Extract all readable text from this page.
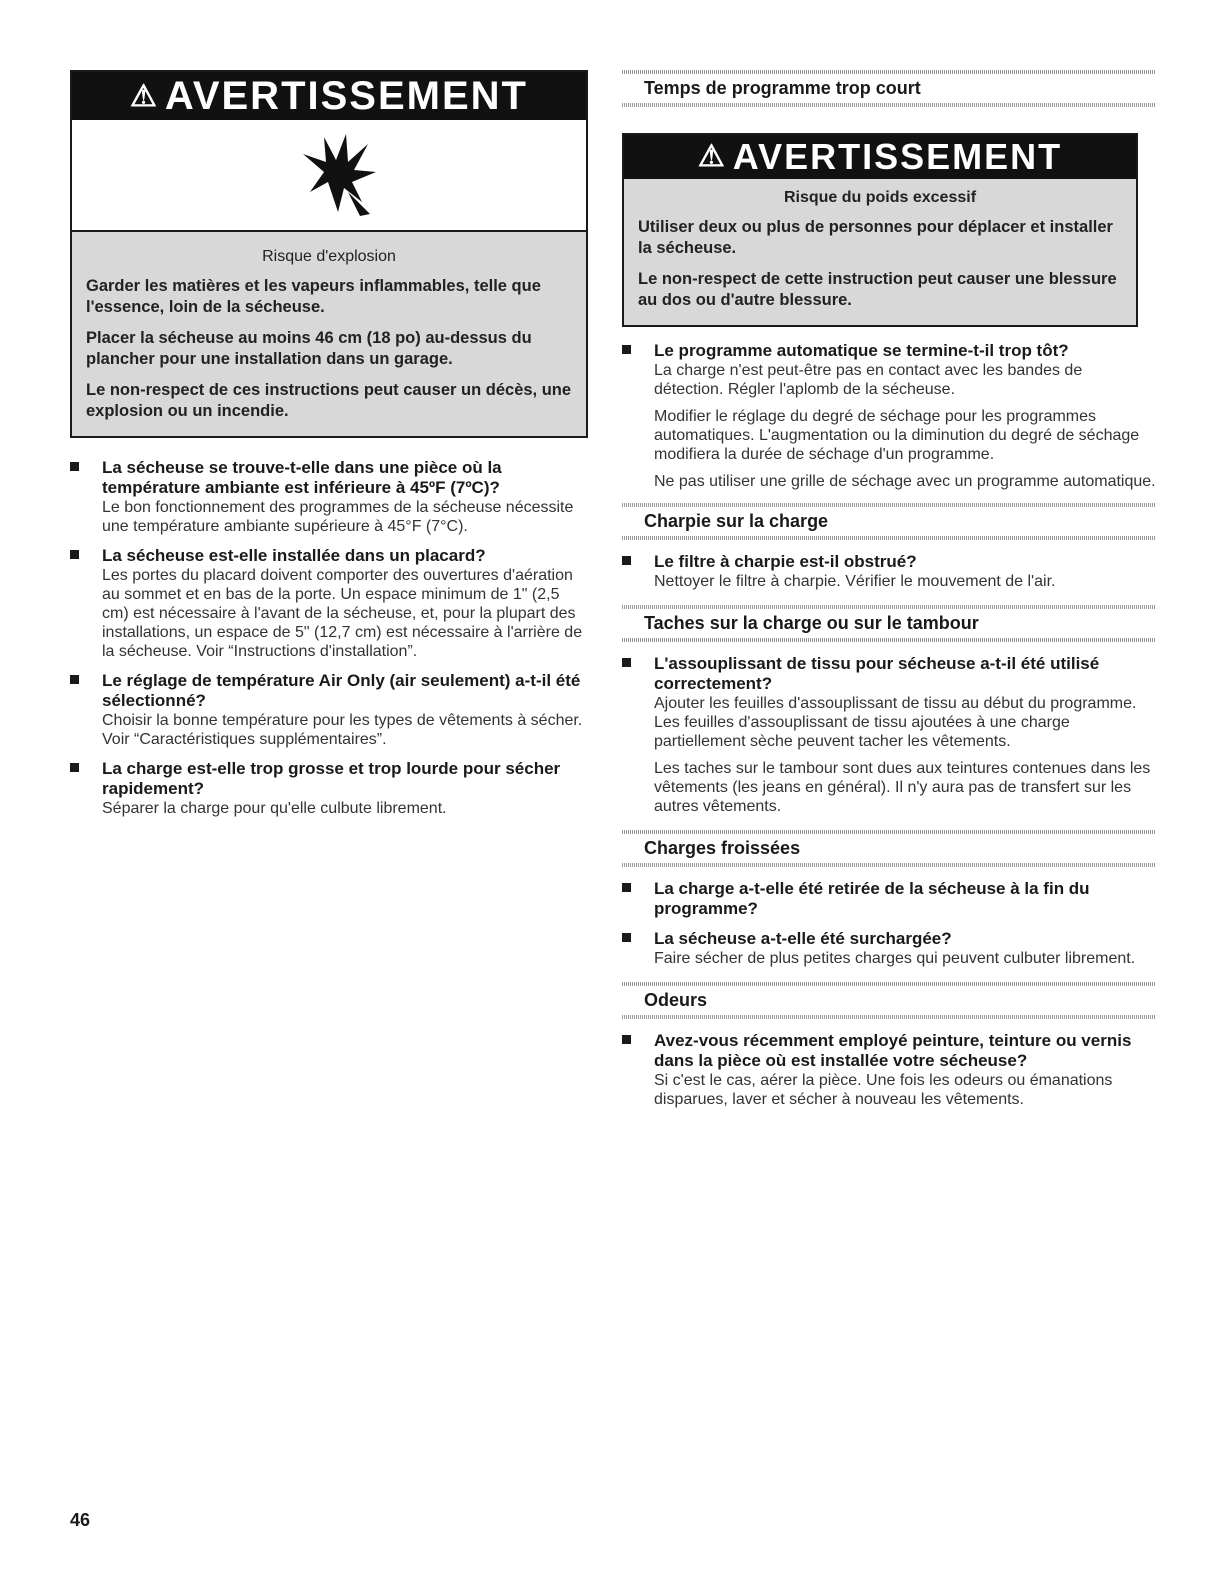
⚠ AVERTISSEMENT

Risque d'explosion

Garder les matières et les vapeurs inflammables, telle que l'essence, loin de la sécheuse.

Placer la sécheuse au moins 46 cm (18 po) au-dessus du plancher pour une installation dans un garage.

Le non-respect de ces instructions peut causer un décès, une explosion ou un incendie.

La sécheuse se trouve-t-elle dans une pièce où la température ambiante est inférieure à 45ºF (7ºC)?

Le bon fonctionnement des programmes de la sécheuse nécessite une température ambiante supérieure à 45°F (7°C).

La sécheuse est-elle installée dans un placard?

Les portes du placard doivent comporter des ouvertures d'aération au sommet et en bas de la porte. Un espace minimum de 1" (2,5 cm) est nécessaire à l'avant de la sécheuse, et, pour la plupart des installations, un espace de 5" (12,7 cm) est nécessaire à l'arrière de la sécheuse. Voir “Instructions d'installation”.

Le réglage de température Air Only (air seulement) a-t-il été sélectionné?

Choisir la bonne température pour les types de vêtements à sécher. Voir “Caractéristiques supplémentaires”.

La charge est-elle trop grosse et trop lourde pour sécher rapidement?

Séparer la charge pour qu'elle culbute librement.

Temps de programme trop court
⚠ AVERTISSEMENT

Risque du poids excessif

Utiliser deux ou plus de personnes pour déplacer et installer la sécheuse.

Le non-respect de cette instruction peut causer une blessure au dos ou d'autre blessure.

Le programme automatique se termine-t-il trop tôt?

La charge n'est peut-être pas en contact avec les bandes de détection. Régler l'aplomb de la sécheuse.

Modifier le réglage du degré de séchage pour les programmes automatiques. L'augmentation ou la diminution du degré de séchage modifiera la durée de séchage d'un programme.

Ne pas utiliser une grille de séchage avec un programme automatique.

Charpie sur la charge

Le filtre à charpie est-il obstrué?

Nettoyer le filtre à charpie. Vérifier le mouvement de l'air.

Taches sur la charge ou sur le tambour

L'assouplissant de tissu pour sécheuse a-t-il été utilisé correctement?

Ajouter les feuilles d'assouplissant de tissu au début du programme. Les feuilles d'assouplissant de tissu ajoutées à une charge partiellement sèche peuvent tacher les vêtements.

Les taches sur le tambour sont dues aux teintures contenues dans les vêtements (les jeans en général). Il n'y aura pas de transfert sur les autres vêtements.

Charges froissées

La charge a-t-elle été retirée de la sécheuse à la fin du programme?

La sécheuse a-t-elle été surchargée?

Faire sécher de plus petites charges qui peuvent culbuter librement.

Odeurs

Avez-vous récemment employé peinture, teinture ou vernis dans la pièce où est installée votre sécheuse?

Si c'est le cas, aérer la pièce. Une fois les odeurs ou émanations disparues, laver et sécher à nouveau les vêtements.

46
